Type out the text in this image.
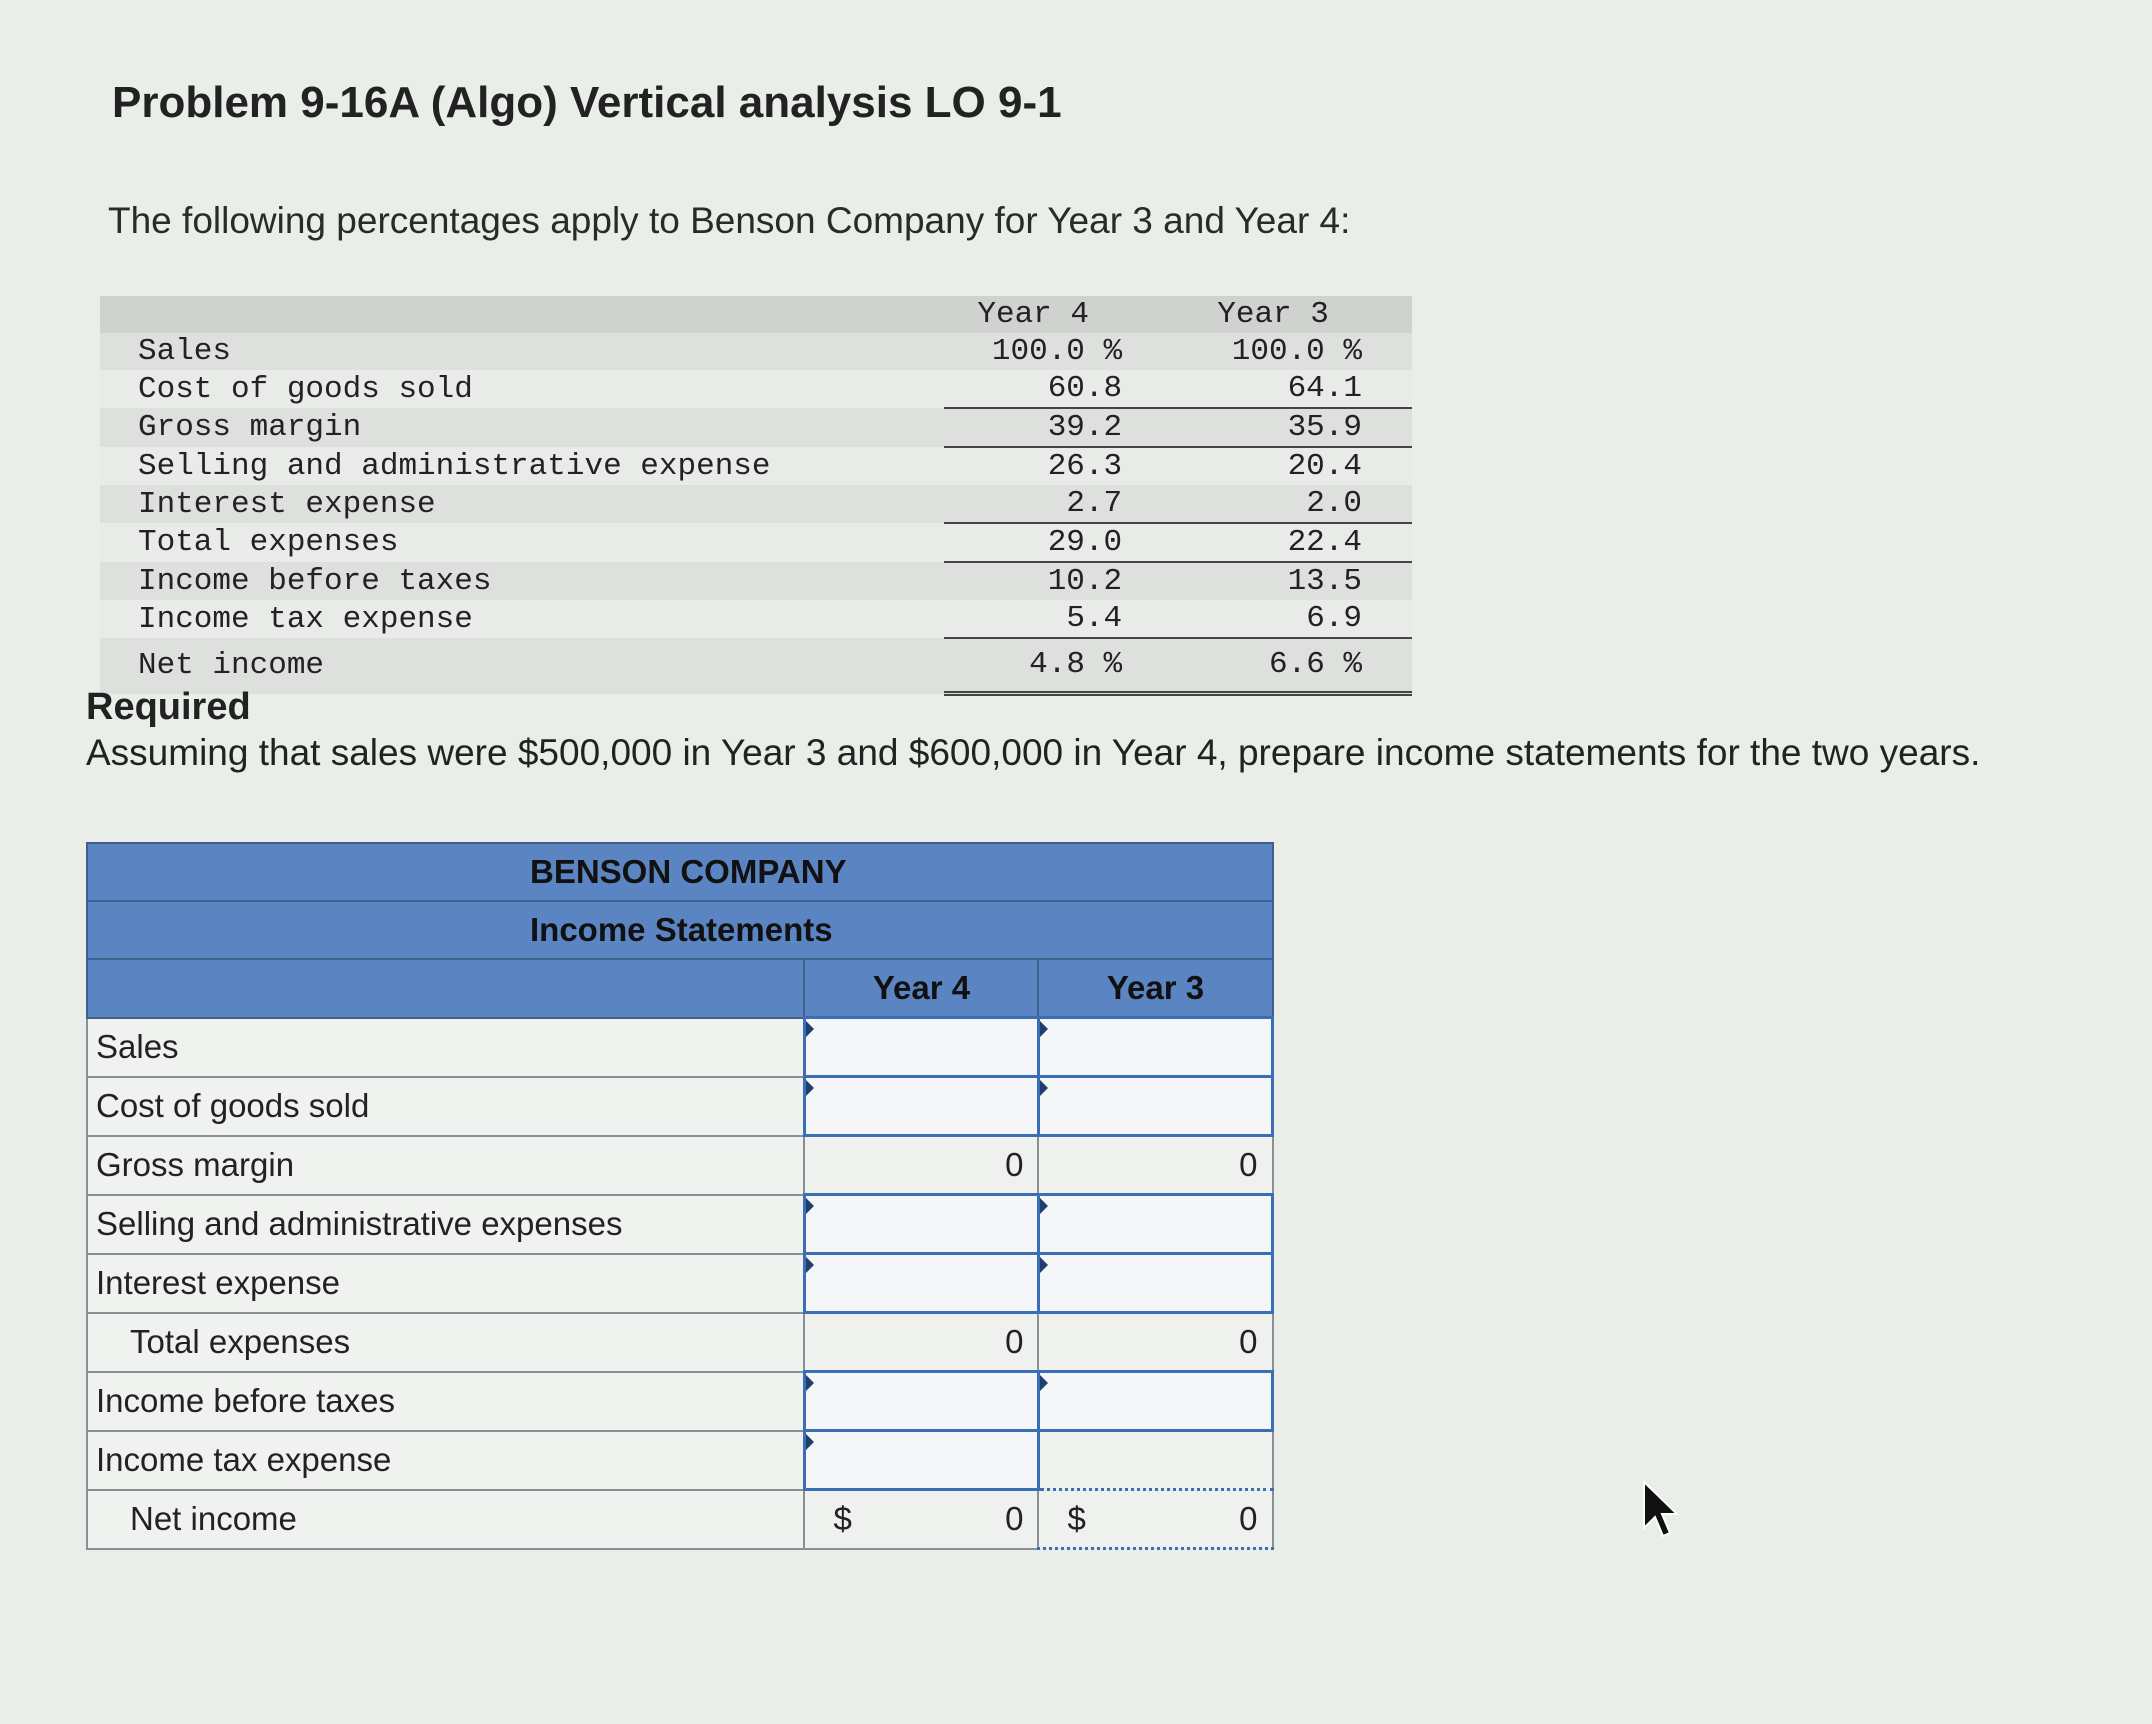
Problem 9-16A (Algo) Vertical analysis LO 9-1
The following percentages apply to Benson Company for Year 3 and Year 4:
	Year 4	Year 3
Sales	100.0 %	100.0 %
Cost of goods sold	60.8	64.1
Gross margin	39.2	35.9
Selling and administrative expense	26.3	20.4
Interest expense	2.7	2.0
Total expenses	29.0	22.4
Income before taxes	10.2	13.5
Income tax expense	5.4	6.9
Net income	4.8 %	6.6 %
Required
Assuming that sales were $500,000 in Year 3 and $600,000 in Year 4, prepare income statements for the two years.
BENSON COMPANY		
Income Statements		
	Year 4	Year 3
Sales		
Cost of goods sold		
Gross margin	0	0
Selling and administrative expenses		
Interest expense		
Total expenses	0	0
Income before taxes		
Income tax expense		
Net income	$ 0	$ 0
